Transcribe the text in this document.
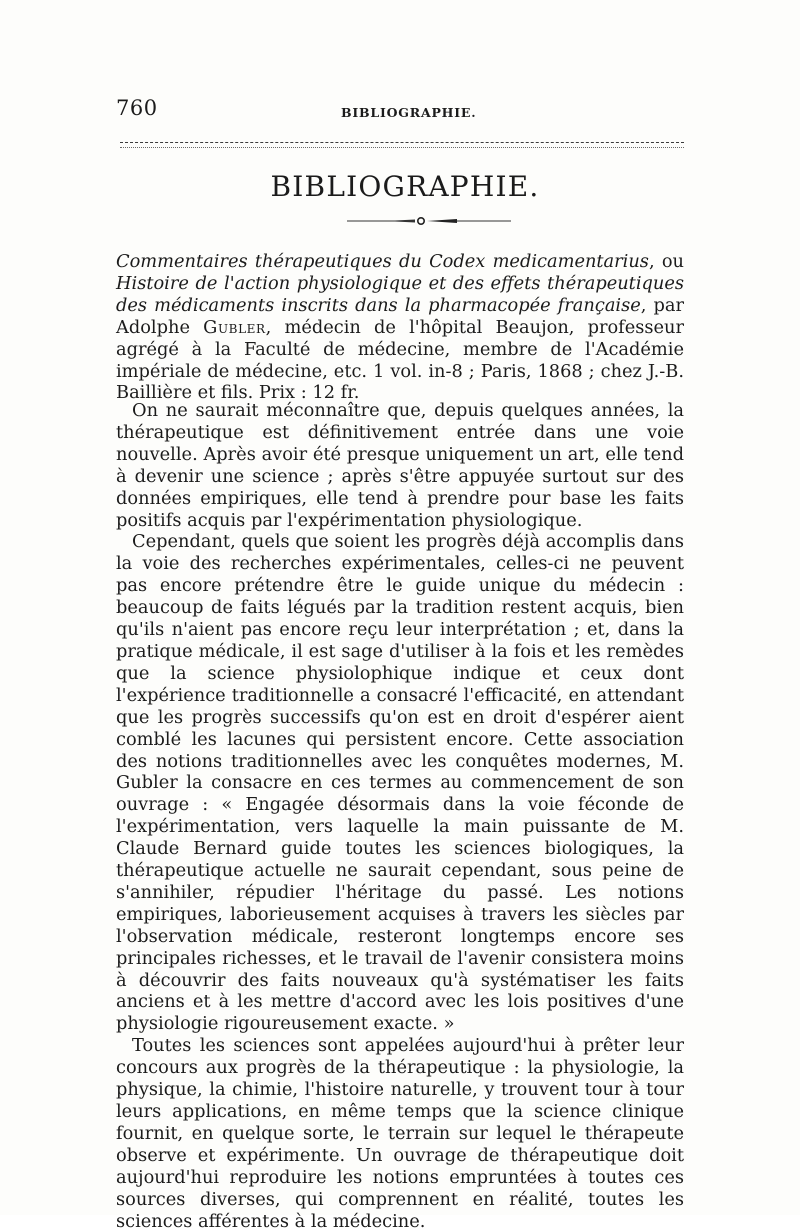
760	BIBLIOGRAPHIE.
BIBLIOGRAPHIE.

Commentaires thérapeutiques du Codex medicamentarius, ou Histoire de l'action physiologique et des effets thérapeutiques des médicaments inscrits dans la pharmacopée française, par Adolphe Gubler, médecin de l'hôpital Beaujon, professeur agrégé à la Faculté de médecine, membre de l'Académie impériale de médecine, etc. 1 vol. in-8 ; Paris, 1868 ; chez J.-B. Baillière et fils. Prix : 12 fr.

On ne saurait méconnaître que, depuis quelques années, la thérapeutique est définitivement entrée dans une voie nouvelle. Après avoir été presque uniquement un art, elle tend à devenir une science ; après s'être appuyée surtout sur des données empiriques, elle tend à prendre pour base les faits positifs acquis par l'expérimentation physiologique.

Cependant, quels que soient les progrès déjà accomplis dans la voie des recherches expérimentales, celles-ci ne peuvent pas encore prétendre être le guide unique du médecin : beaucoup de faits légués par la tradition restent acquis, bien qu'ils n'aient pas encore reçu leur interprétation ; et, dans la pratique médicale, il est sage d'utiliser à la fois et les remèdes que la science physiolophique indique et ceux dont l'expérience traditionnelle a consacré l'efficacité, en attendant que les progrès successifs qu'on est en droit d'espérer aient comblé les lacunes qui persistent encore. Cette association des notions traditionnelles avec les conquêtes modernes, M. Gubler la consacre en ces termes au commencement de son ouvrage : « Engagée désormais dans la voie féconde de l'expérimentation, vers laquelle la main puissante de M. Claude Bernard guide toutes les sciences biologiques, la thérapeutique actuelle ne saurait cependant, sous peine de s'annihiler, répudier l'héritage du passé. Les notions empiriques, laborieusement acquises à travers les siècles par l'observation médicale, resteront longtemps encore ses principales richesses, et le travail de l'avenir consistera moins à découvrir des faits nouveaux qu'à systématiser les faits anciens et à les mettre d'accord avec les lois positives d'une physiologie rigoureusement exacte. »

Toutes les sciences sont appelées aujourd'hui à prêter leur concours aux progrès de la thérapeutique : la physiologie, la physique, la chimie, l'histoire naturelle, y trouvent tour à tour leurs applications, en même temps que la science clinique fournit, en quelque sorte, le terrain sur lequel le thérapeute observe et expérimente. Un ouvrage de thérapeutique doit aujourd'hui reproduire les notions empruntées à toutes ces sources diverses, qui comprennent en réalité, toutes les sciences afférentes à la médecine.
